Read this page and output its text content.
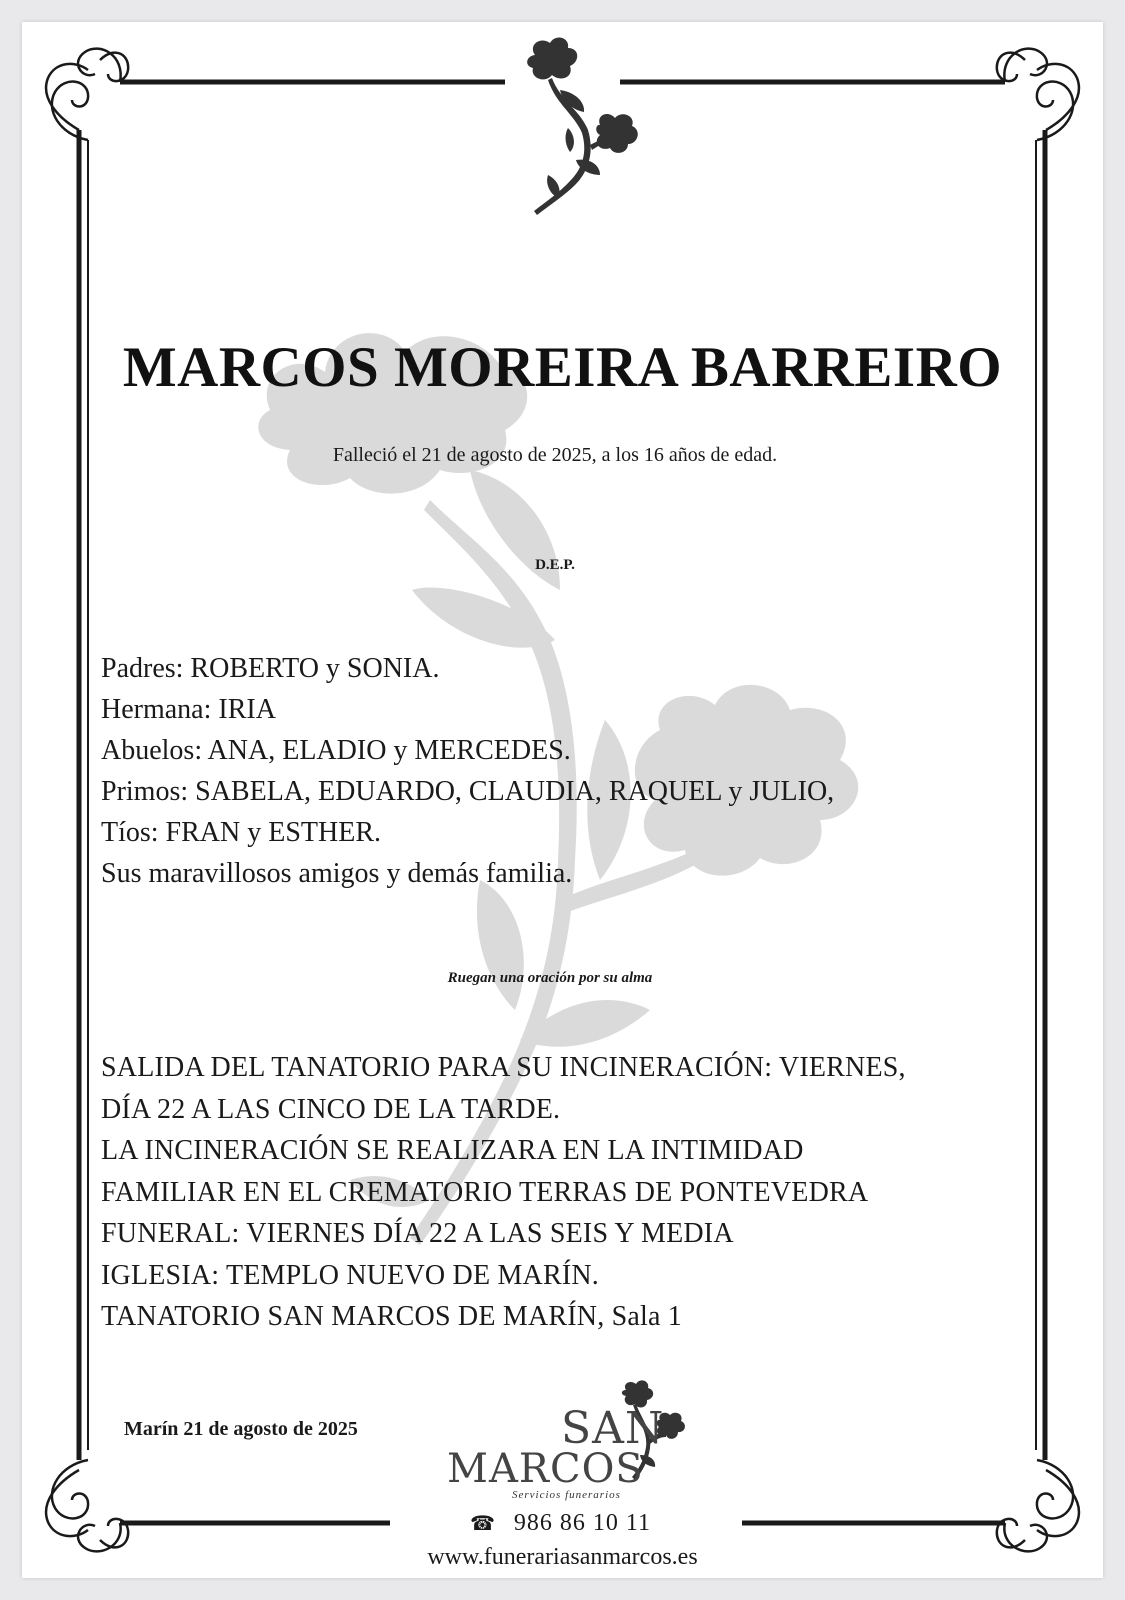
MARCOS MOREIRA BARREIRO
Falleció el 21 de agosto de 2025, a los 16 años de edad.
D.E.P.
Padres: ROBERTO y SONIA.
Hermana: IRIA
Abuelos: ANA, ELADIO y MERCEDES.
Primos: SABELA, EDUARDO, CLAUDIA, RAQUEL y JULIO,
Tíos: FRAN y ESTHER.
Sus maravillosos amigos y demás familia.
Ruegan una oración por su alma
SALIDA DEL TANATORIO PARA SU INCINERACIÓN: VIERNES,
DÍA 22 A LAS CINCO DE LA TARDE.
LA INCINERACIÓN SE REALIZARA EN LA INTIMIDAD
FAMILIAR EN EL CREMATORIO TERRAS DE PONTEVEDRA
FUNERAL: VIERNES DÍA 22 A LAS SEIS Y MEDIA
IGLESIA: TEMPLO NUEVO DE MARÍN.
TANATORIO SAN MARCOS DE MARÍN, Sala 1
Marín 21 de agosto de 2025	SAN
MARCOS
Servicios funerarios
☎ 986 86 10 11
www.funerariasanmarcos.es
